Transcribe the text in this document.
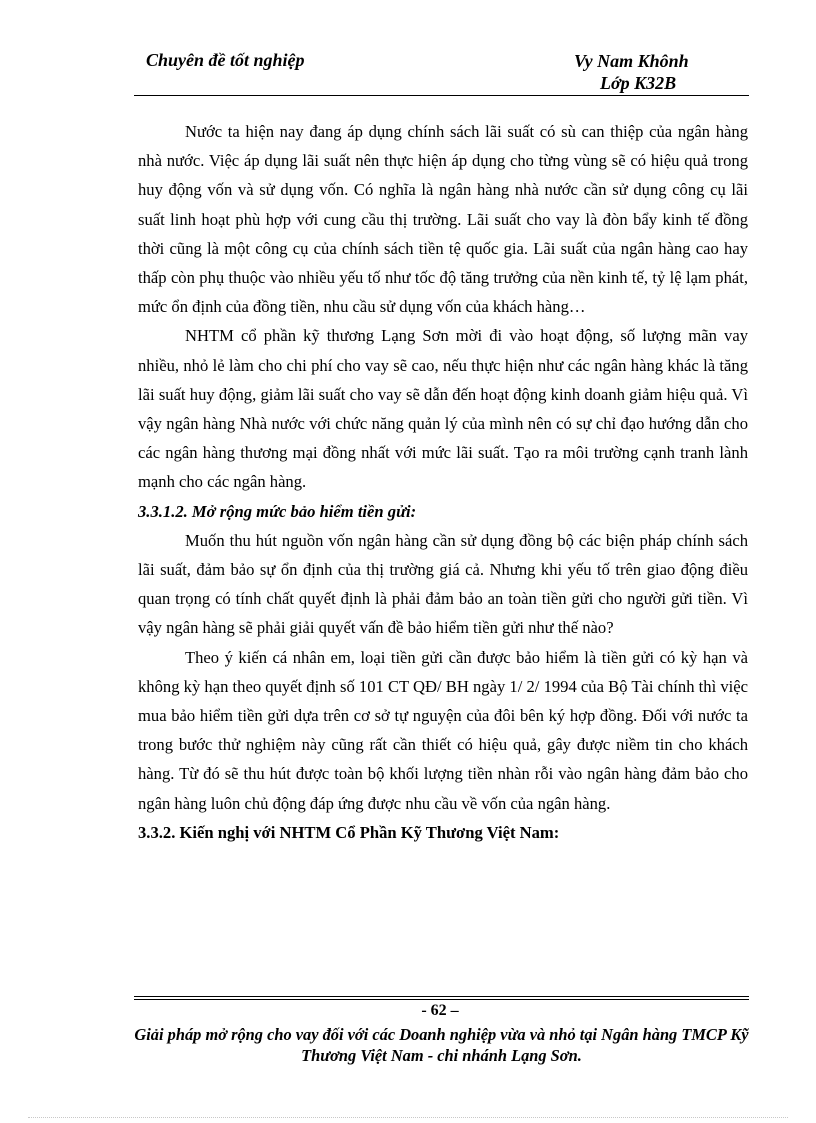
Chuyên đề tốt nghiệp	Vy Nam Khônh
Lớp K32B

Nước ta hiện nay đang áp dụng chính sách lãi suất có sù can thiệp của ngân hàng nhà nước. Việc áp dụng lãi suất nên thực hiện áp dụng cho từng vùng sẽ có hiệu quả trong huy động vốn và sử dụng vốn. Có nghĩa là ngân hàng nhà nước cần sử dụng công cụ lãi suất linh hoạt phù hợp với cung cầu thị trường. Lãi suất cho vay là đòn bẩy kinh tế đồng thời cũng là một công cụ của chính sách tiền tệ quốc gia. Lãi suất của ngân hàng cao hay thấp còn phụ thuộc vào nhiều yếu tố như tốc độ tăng trưởng của nền kinh tế, tỷ lệ lạm phát, mức ổn định của đồng tiền, nhu cầu sử dụng vốn của khách hàng…

NHTM cổ phần kỹ thương Lạng Sơn mời đi vào hoạt động, số lượng mãn vay nhiều, nhỏ lẻ làm cho chi phí cho vay sẽ cao, nếu thực hiện như các ngân hàng khác là tăng lãi suất huy động, giảm lãi suất cho vay sẽ dẫn đến hoạt động kinh doanh giảm hiệu quả. Vì vậy ngân hàng Nhà nước với chức năng quản lý của mình nên có sự chỉ đạo hướng dẫn cho các ngân hàng thương mại đồng nhất với mức lãi suất. Tạo ra môi trường cạnh tranh lành mạnh cho các ngân hàng.

3.3.1.2. Mở rộng mức bảo hiểm tiền gửi:

Muốn thu hút nguồn vốn ngân hàng cần sử dụng đồng bộ các biện pháp chính sách lãi suất, đảm bảo sự ổn định của thị trường giá cả. Nhưng khi yếu tố trên giao động điều quan trọng có tính chất quyết định là phải đảm bảo an toàn tiền gửi cho người gửi tiền. Vì vậy ngân hàng sẽ phải giải quyết vấn đề bảo hiểm tiền gửi như thế nào?

Theo ý kiến cá nhân em, loại tiền gửi cần được bảo hiểm là tiền gửi có kỳ hạn và không kỳ hạn theo quyết định số 101 CT QĐ/ BH ngày 1/ 2/ 1994 của Bộ Tài chính thì việc mua bảo hiểm tiền gửi dựa trên cơ sở tự nguyện của đôi bên ký hợp đồng. Đối với nước ta trong bước thử nghiệm này cũng rất cần thiết có hiệu quả, gây được niềm tin cho khách hàng. Từ đó sẽ thu hút được toàn bộ khối lượng tiền nhàn rỗi vào ngân hàng đảm bảo cho ngân hàng luôn chủ động đáp ứng được nhu cầu về vốn của ngân hàng.

3.3.2. Kiến nghị với NHTM Cổ Phần Kỹ Thương Việt Nam:

- 62 –
Giải pháp mở rộng cho vay đối với các Doanh nghiệp vừa và nhỏ tại Ngân hàng TMCP Kỹ Thương Việt Nam - chi nhánh Lạng Sơn.
